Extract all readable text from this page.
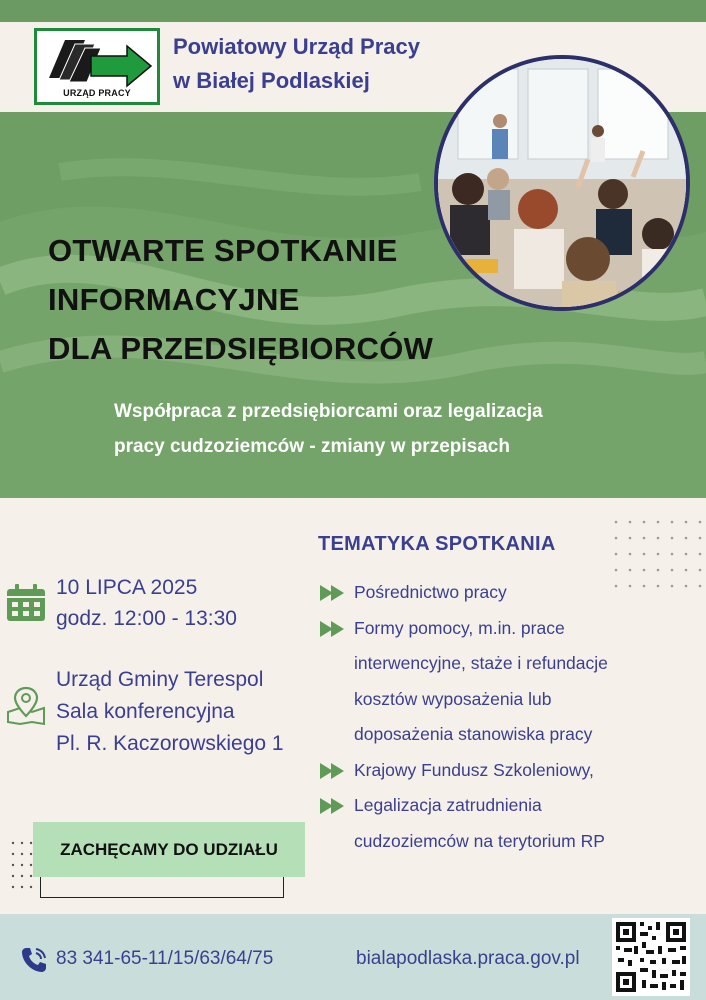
URZĄD PRACY
Powiatowy Urząd Pracy
w Białej Podlaskiej
OTWARTE SPOTKANIE
INFORMACYJNE
DLA PRZEDSIĘBIORCÓW
Współpraca z przedsiębiorcami oraz legalizacja
pracy cudzoziemców - zmiany w przepisach
10 LIPCA 2025
godz. 12:00 - 13:30
Urząd Gminy Terespol
Sala konferencyjna
Pl. R. Kaczorowskiego 1
TEMATYKA SPOTKANIA
Pośrednictwo pracy
Formy pomocy, m.in. prace
interwencyjne, staże i refundacje
kosztów wyposażenia lub
doposażenia stanowiska pracy
Krajowy Fundusz Szkoleniowy,
Legalizacja zatrudnienia
cudzoziemców na terytorium RP
ZACHĘCAMY DO UDZIAŁU
83 341-65-11/15/63/64/75	bialapodlaska.praca.gov.pl
